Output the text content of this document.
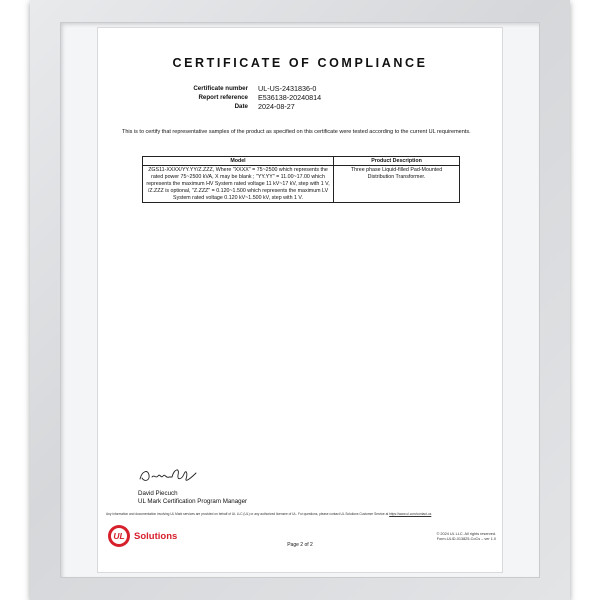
CERTIFICATE OF COMPLIANCE
Certificate number	UL-US-2431836-0
Report reference	E536138-20240814
Date	2024-08-27
This is to certify that representative samples of the product as specified on this certificate were tested according to the current UL requirements.
Model	Product Description
ZGS11-XXXX/YY.YY/Z.ZZZ, Where "XXXX" = 75~2500 which represents the rated power 75~2500 kVA, X may be blank ; "YY.YY" = 11.00~17.00 which represents the maximum HV System rated voltage 11 kV~17 kV, step with 1 V, /Z.ZZZ is optional, "Z.ZZZ" = 0.120~1.500 which represents the maximum LV System rated voltage 0.120 kV~1.500 kV, step with 1 V.	Three phase Liquid-filled Pad-Mounted Distribution Transformer.
David Piecuch
UL Mark Certification Program Manager
Any information and documentation involving UL Mark services are provided on behalf of UL LLC (UL) or any authorized licensee of UL. For questions, please contact UL Solutions Customer Service at https://www.ul.com/contact-us
UL Solutions
Page 2 of 2
© 2024 UL LLC. All rights reserved.
Form-ULID-013825-CoCs – ver 1.0
